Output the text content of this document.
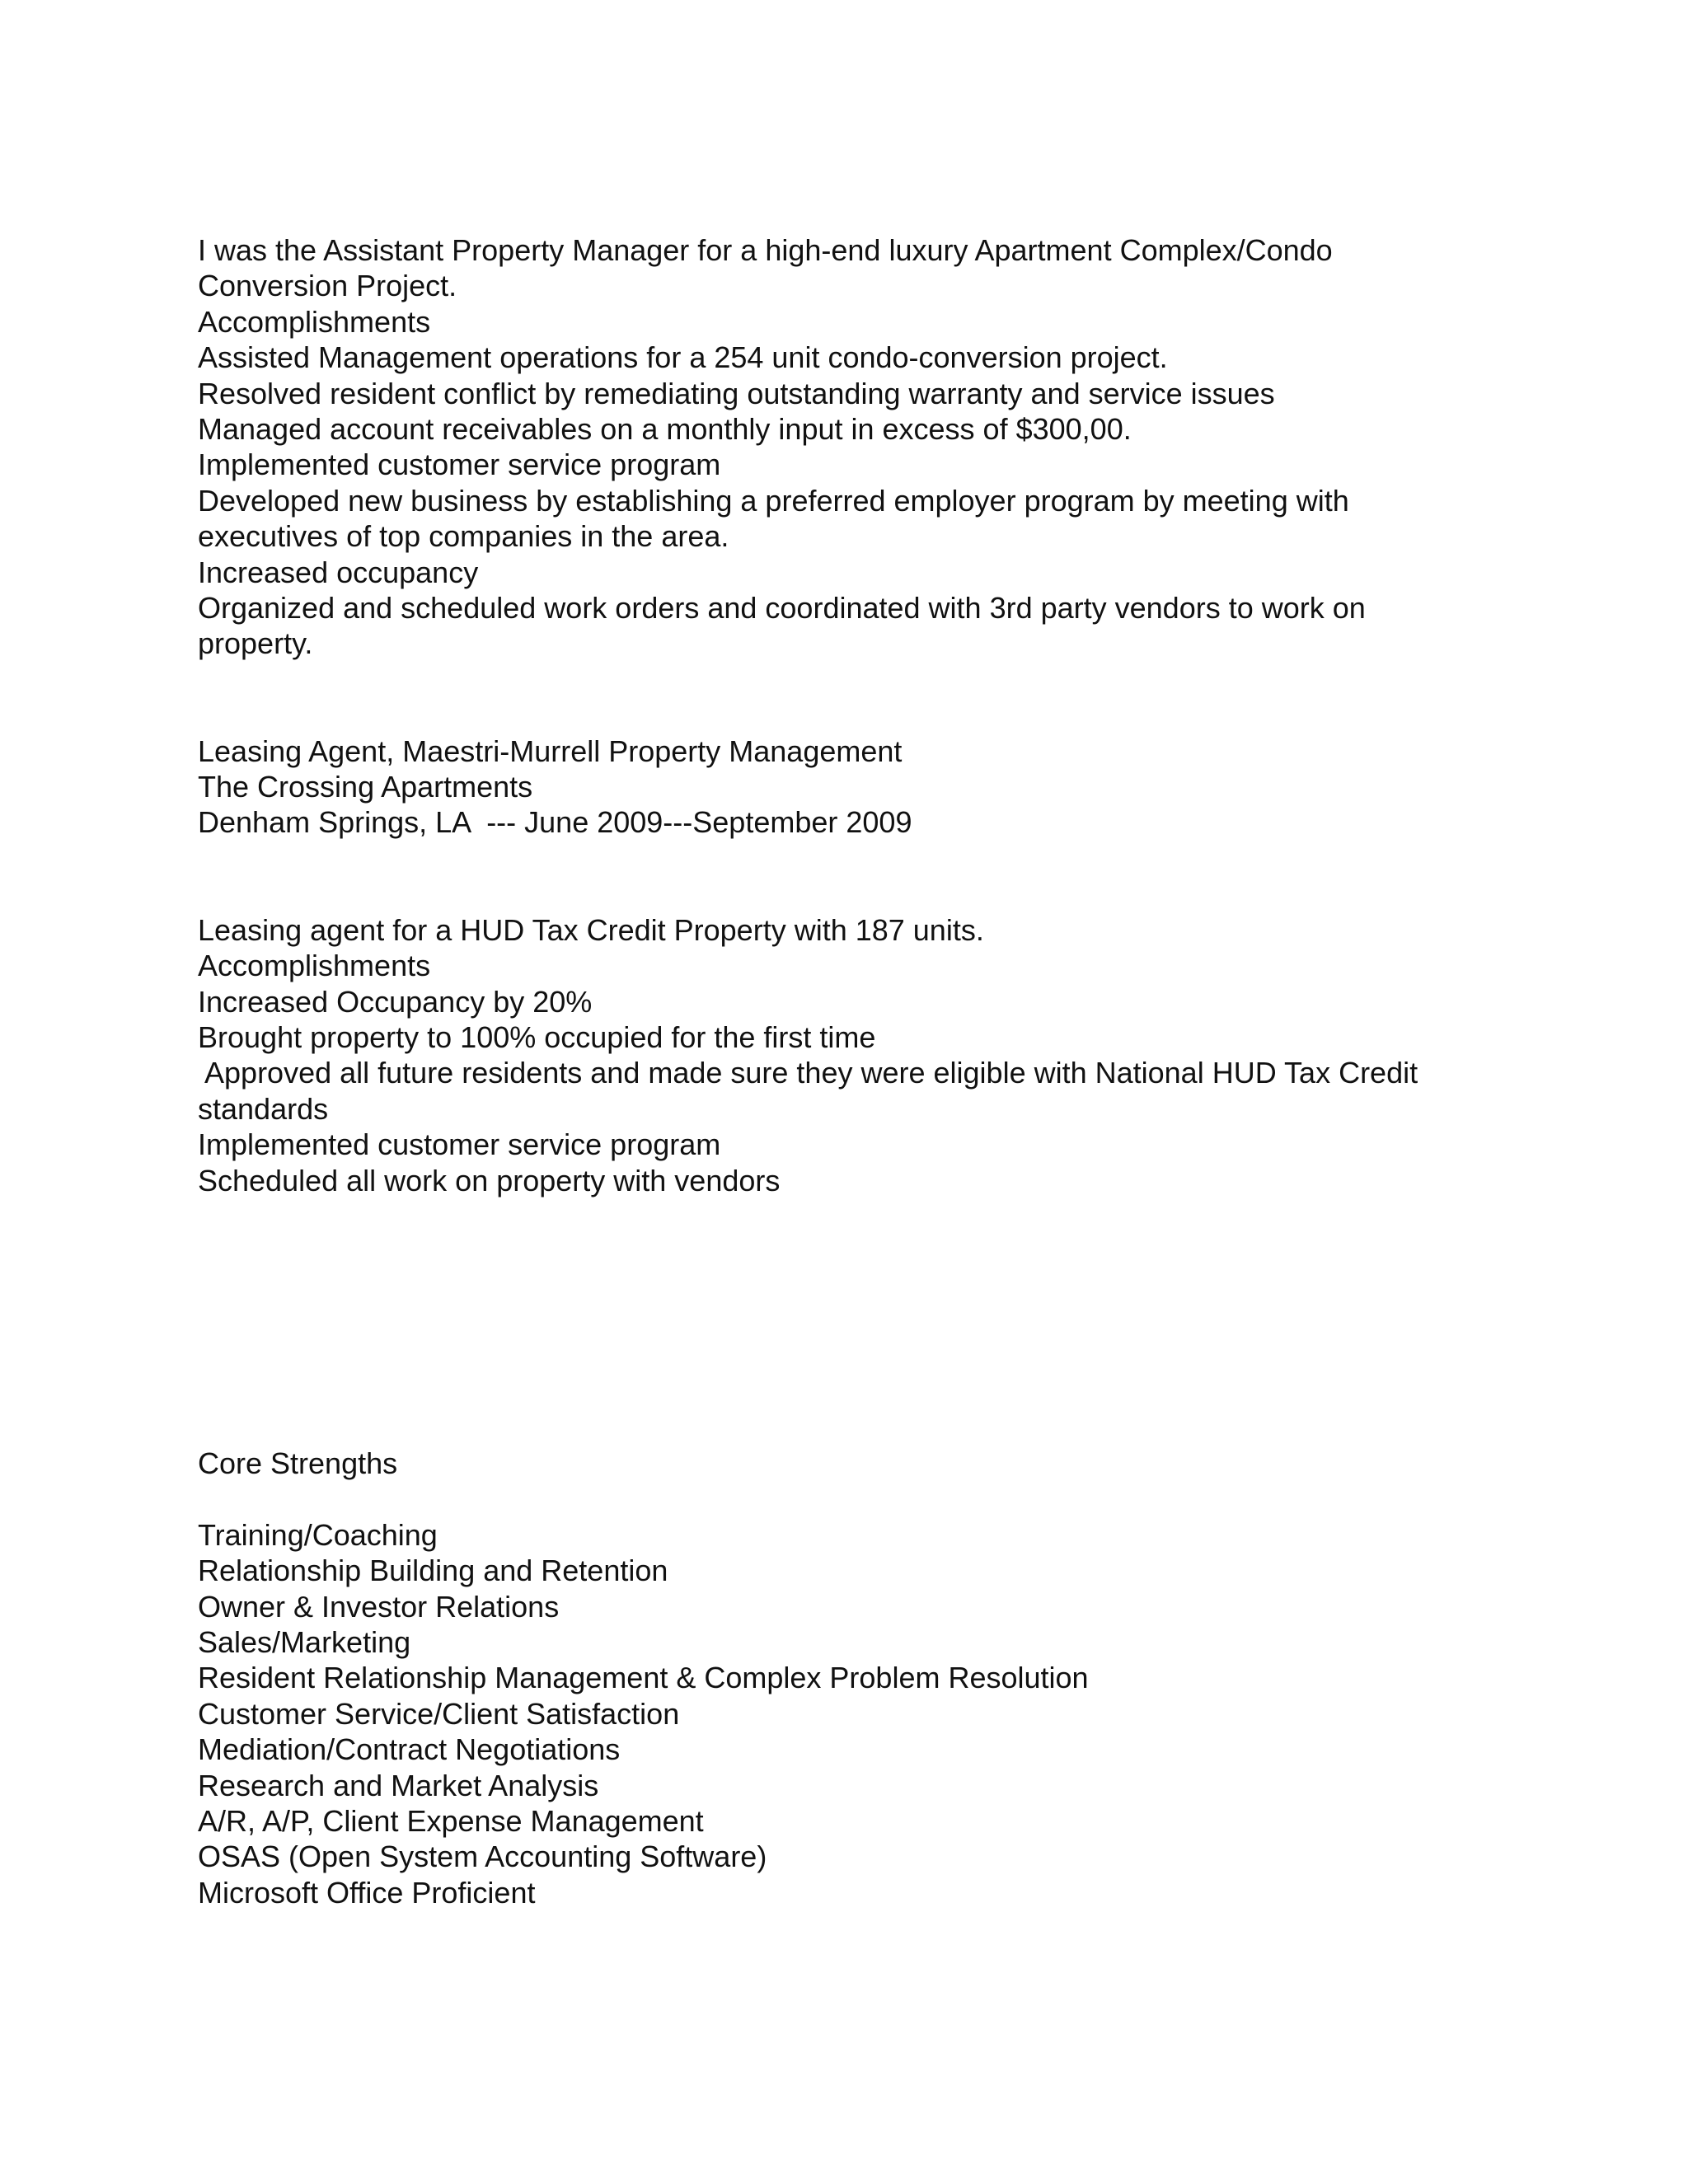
I was the Assistant Property Manager for a high-end luxury Apartment Complex/Condo
Conversion Project.
Accomplishments
Assisted Management operations for a 254 unit condo-conversion project.
Resolved resident conflict by remediating outstanding warranty and service issues
Managed account receivables on a monthly input in excess of $300,00.
Implemented customer service program
Developed new business by establishing a preferred employer program by meeting with
executives of top companies in the area.
Increased occupancy
Organized and scheduled work orders and coordinated with 3rd party vendors to work on
property.
Leasing Agent, Maestri-Murrell Property Management
The Crossing Apartments
Denham Springs, LA  --- June 2009---September 2009
Leasing agent for a HUD Tax Credit Property with 187 units.
Accomplishments
Increased Occupancy by 20%
Brought property to 100% occupied for the first time
Approved all future residents and made sure they were eligible with National HUD Tax Credit
standards
Implemented customer service program
Scheduled all work on property with vendors
Core Strengths
Training/Coaching
Relationship Building and Retention
Owner & Investor Relations
Sales/Marketing
Resident Relationship Management & Complex Problem Resolution
Customer Service/Client Satisfaction
Mediation/Contract Negotiations
Research and Market Analysis
A/R, A/P, Client Expense Management
OSAS (Open System Accounting Software)
Microsoft Office Proficient
